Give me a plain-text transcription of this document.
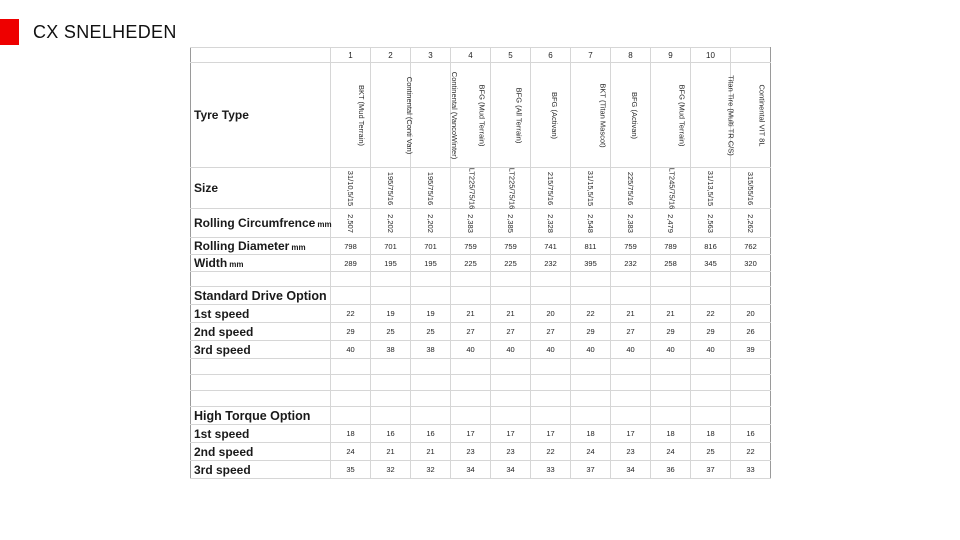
CX SNELHEDEN
	1	2	3	4	5	6	7	8	9	10	
Tyre Type	BKT (Mud Terrain)	Continental (Conti Van)	Continental (VancoWinter)	BFG (Mud Terrain)	BFG (All Terrain)	BFG (Activan)	BKT (Titan Mascot)	BFG (Activan)	BFG (Mud Terrain)	Titan Tire (Multi TR C/S)	Continental VIT 8L
Size	31/10,5/15	195/75/16	195/75/16	LT225/75/16	LT225/75/16	215/75/16	31/15,5/15	225/75/16	LT245/75/16	31/13,5/15	315/55/16
Rolling Circumfrence mm	2,507	2,202	2,202	2,383	2,385	2,328	2,548	2,383	2,479	2,563	2,262
Rolling Diameter mm	798	701	701	759	759	741	811	759	789	816	762
Width mm	289	195	195	225	225	232	395	232	258	345	320

Standard Drive Option											
1st speed	22	19	19	21	21	20	22	21	21	22	20
2nd speed	29	25	25	27	27	27	29	27	29	29	26
3rd speed	40	38	38	40	40	40	40	40	40	40	39

High Torque Option											
1st speed	18	16	16	17	17	17	18	17	18	18	16
2nd speed	24	21	21	23	23	22	24	23	24	25	22
3rd speed	35	32	32	34	34	33	37	34	36	37	33
